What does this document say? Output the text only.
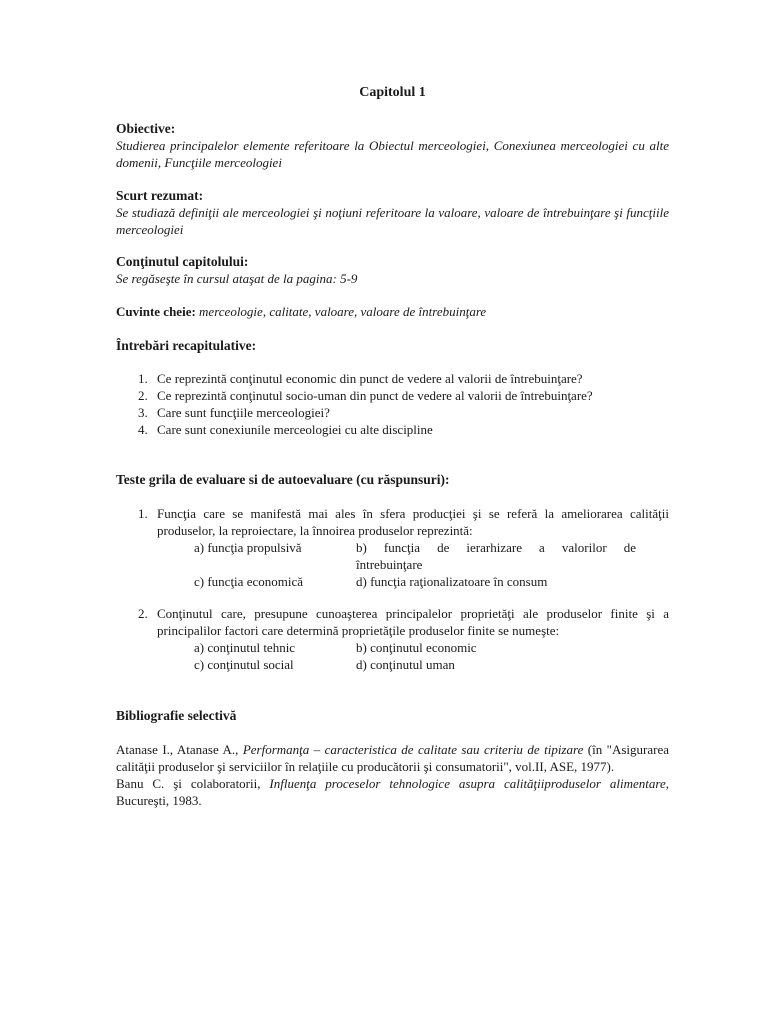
Capitolul 1
Obiective:
Studierea principalelor elemente referitoare la Obiectul merceologiei, Conexiunea merceologiei cu alte domenii, Funcţiile merceologiei
Scurt rezumat:
Se studiază definiţii ale merceologiei şi noţiuni referitoare la valoare, valoare de întrebuinţare şi funcţiile merceologiei
Conţinutul capitolului:
Se regăseşte în cursul ataşat de la pagina: 5-9
Cuvinte cheie: merceologie, calitate, valoare, valoare de întrebuinţare
Întrebări recapitulative:
1. Ce reprezintă conţinutul economic din punct de vedere al valorii de întrebuinţare?
2. Ce reprezintă conţinutul socio-uman din punct de vedere al valorii de întrebuinţare?
3. Care sunt funcţiile merceologiei?
4. Care sunt conexiunile merceologiei cu alte discipline
Teste grila de evaluare si de autoevaluare (cu răspunsuri):
1. Funcţia care se manifestă mai ales în sfera producţiei şi se referă la ameliorarea calităţii produselor, la reproiectare, la înnoirea produselor reprezintă:
a) funcţia propulsivă	b) funcţia de ierarhizare a valorilor de
întrebuinţare
c) funcţia economică	d) funcţia raţionalizatoare în consum
2. Conţinutul care, presupune cunoaşterea principalelor proprietăţi ale produselor finite şi a principalilor factori care determină proprietăţile produselor finite se numeşte:
a) conţinutul tehnic	b) conţinutul economic
c) conţinutul social	d) conţinutul uman
Bibliografie selectivă

Atanase I., Atanase A., Performanţa – caracteristica de calitate sau criteriu de tipizare (în "Asigurarea calităţii produselor şi serviciilor în relaţiile cu producătorii şi consumatorii", vol.II, ASE, 1977).

Banu C. şi colaboratorii, Influenţa proceselor tehnologice asupra calităţiiproduselor alimentare, Bucureşti, 1983.
